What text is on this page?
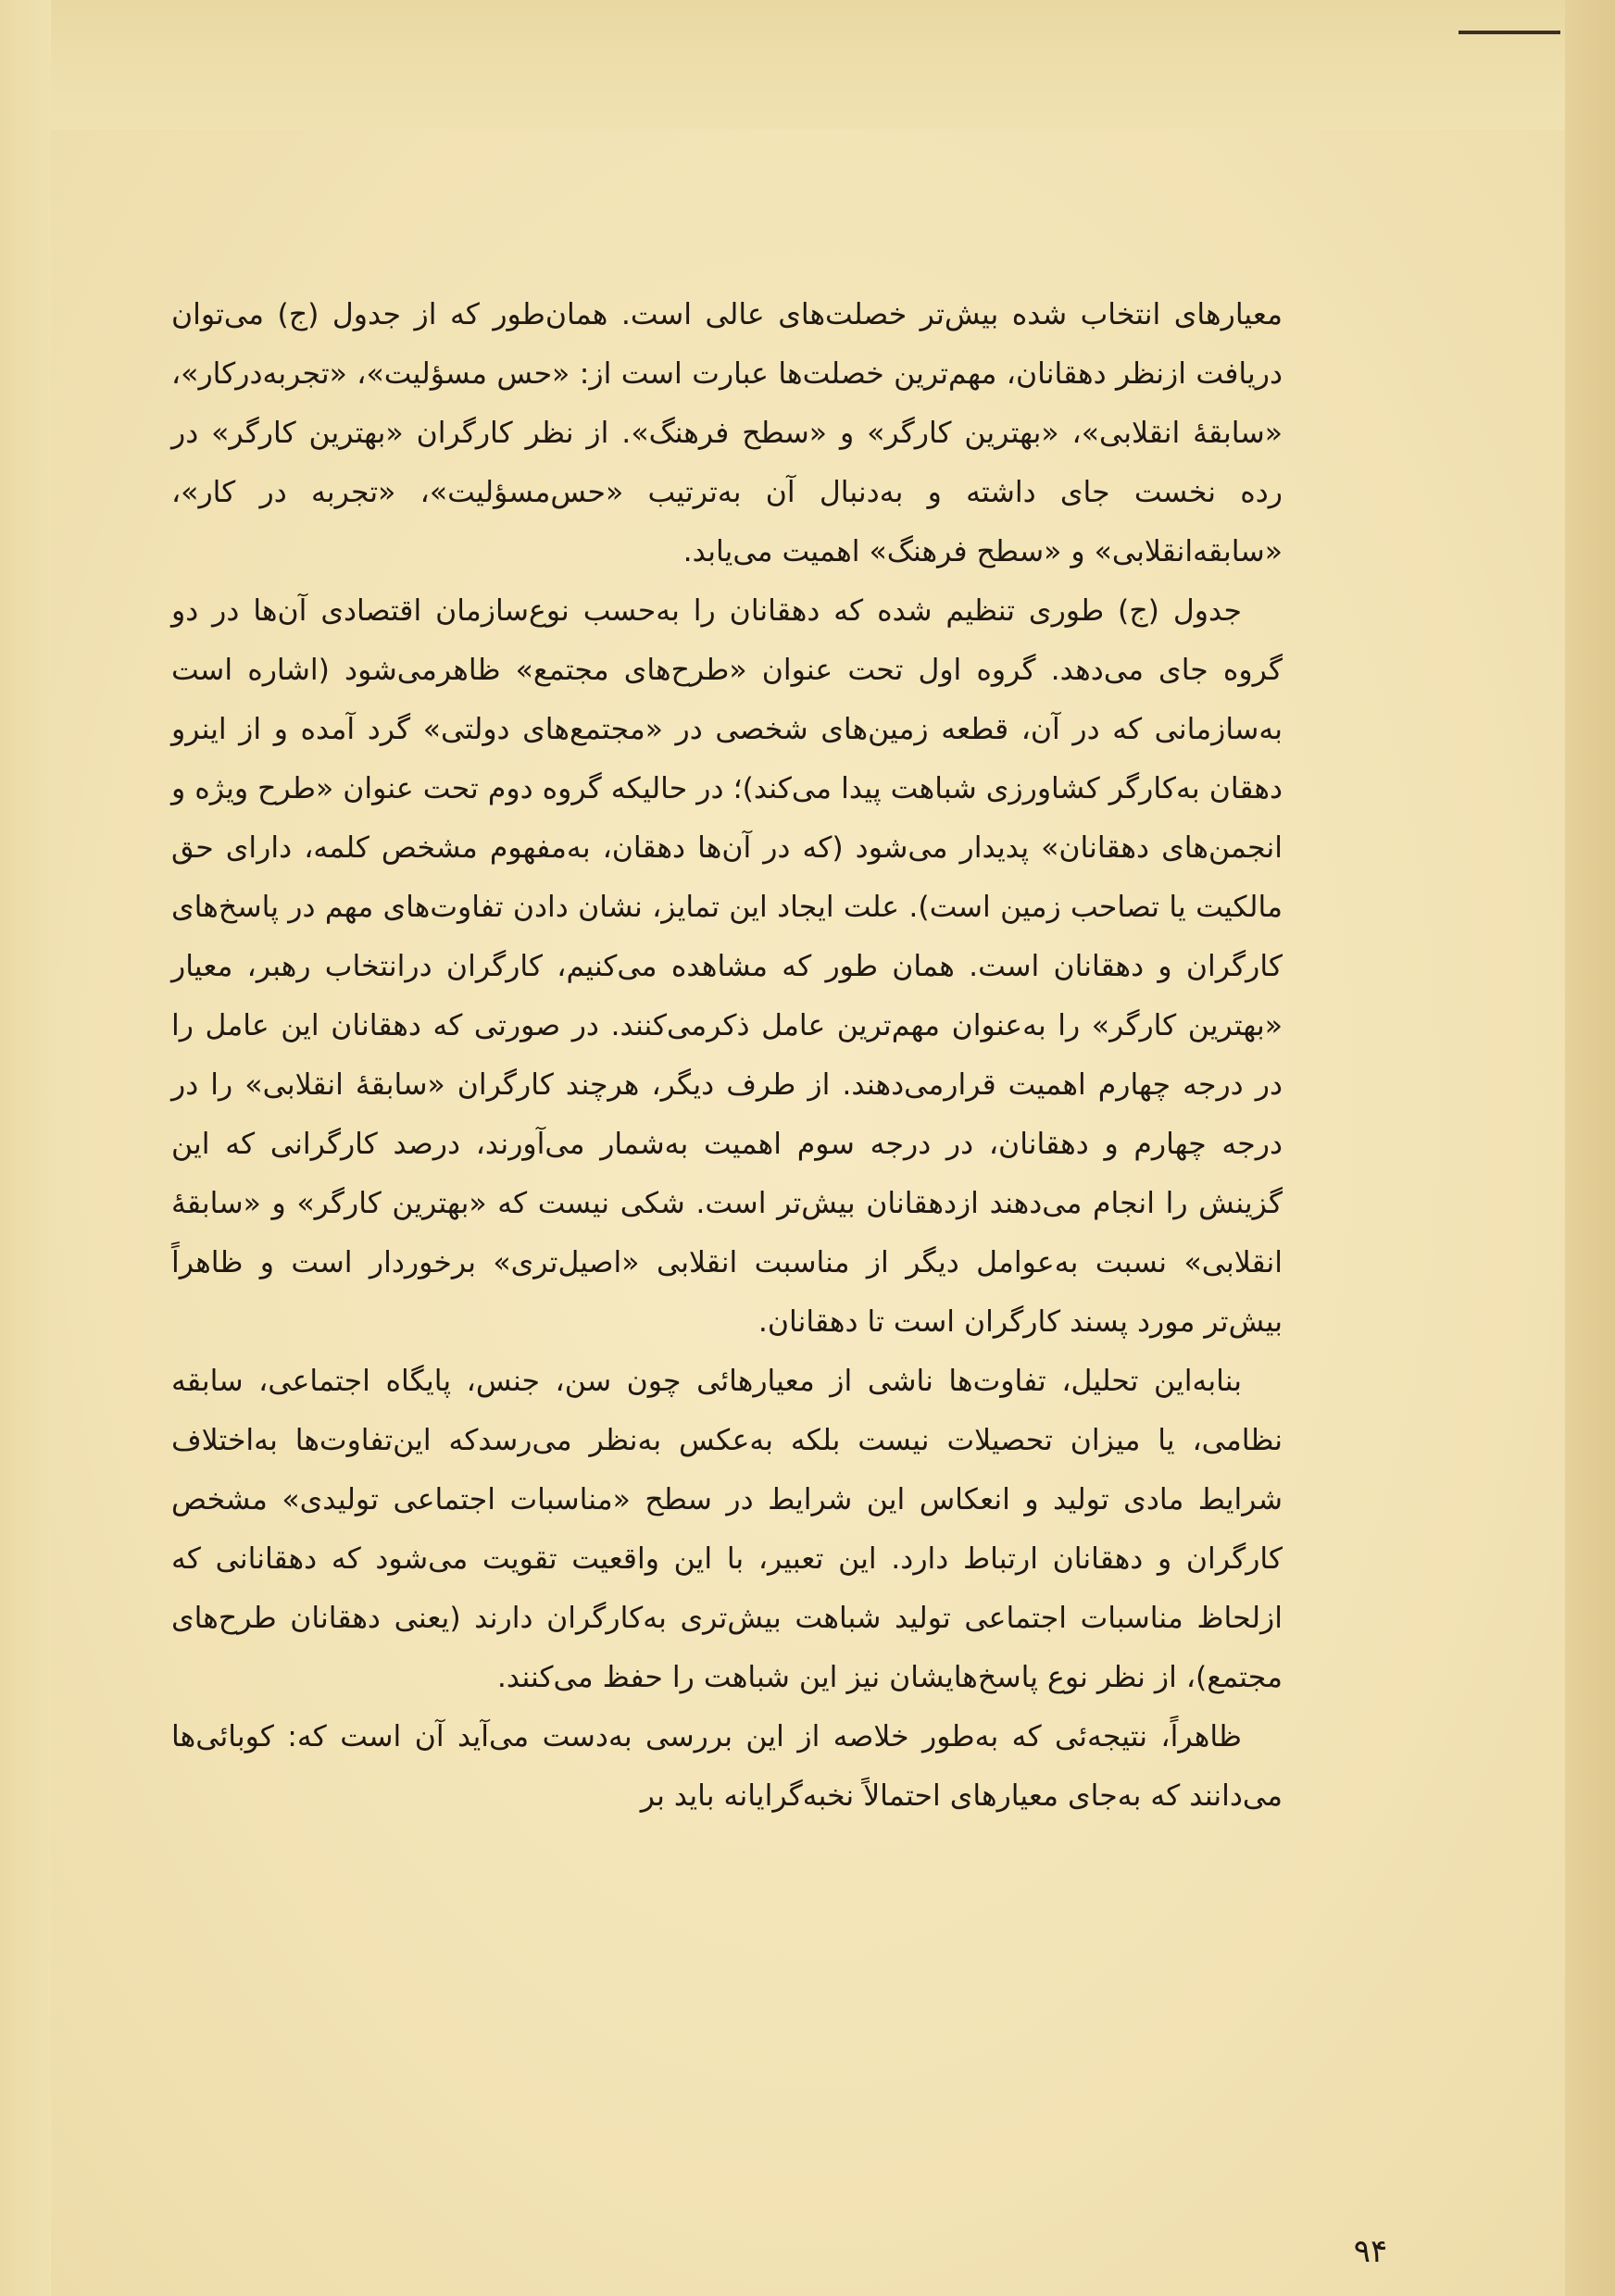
معیارهای انتخاب شده بیش‌تر خصلت‌های عالی است. همان‌طور که از جدول (ج) می‌توان دریافت ازنظر دهقانان، مهم‌ترین خصلت‌ها عبارت است از: «حس مسؤلیت»، «تجربه‌درکار»، «سابقهٔ انقلابی»، «بهترین کارگر» و «سطح فرهنگ». از نظر کارگران «بهترین کارگر» در رده نخست جای داشته و به‌دنبال آن به‌ترتیب «حس‌مسؤلیت»، «تجربه در کار»، «سابقه‌انقلابی» و «سطح فرهنگ» اهمیت می‌یابد.

جدول (ج) طوری تنظیم شده که دهقانان را به‌حسب نوع‌سازمان اقتصادی آن‌ها در دو گروه جای می‌دهد. گروه اول تحت عنوان «طرح‌های مجتمع» ظاهرمی‌شود (اشاره است به‌سازمانی که در آن، قطعه زمین‌های شخصی در «مجتمع‌های دولتی» گرد آمده و از اینرو دهقان به‌کارگر کشاورزی شباهت پیدا می‌کند)؛ در حالیکه گروه دوم تحت عنوان «طرح ویژه و انجمن‌های دهقانان» پدیدار می‌شود (که در آن‌ها دهقان، به‌مفهوم مشخص کلمه، دارای حق مالکیت یا تصاحب زمین است). علت ایجاد این تمایز، نشان دادن تفاوت‌های مهم در پاسخ‌های کارگران و دهقانان است. همان طور که مشاهده می‌کنیم، کارگران درانتخاب رهبر، معیار «بهترین کارگر» را به‌عنوان مهم‌ترین عامل ذکرمی‌کنند. در صورتی که دهقانان این عامل را در درجه چهارم اهمیت قرارمی‌دهند. از طرف دیگر، هرچند کارگران «سابقهٔ انقلابی» را در درجه چهارم و دهقانان، در درجه سوم اهمیت به‌شمار می‌آورند، درصد کارگرانی که این گزینش را انجام می‌دهند ازدهقانان بیش‌تر است. شکی نیست که «بهترین کارگر» و «سابقهٔ انقلابی» نسبت به‌عوامل دیگر از مناسبت انقلابی «اصیل‌تری» برخوردار است و ظاهراً بیش‌تر مورد پسند کارگران است تا دهقانان.

بنابه‌این تحلیل، تفاوت‌ها ناشی از معیارهائی چون سن، جنس، پایگاه اجتماعی، سابقه نظامی، یا میزان تحصیلات نیست بلکه به‌عکس به‌نظر می‌رسدکه این‌تفاوت‌ها به‌اختلاف شرایط مادی تولید و انعکاس این شرایط در سطح «مناسبات اجتماعی تولیدی» مشخص کارگران و دهقانان ارتباط دارد. این تعبیر، با این واقعیت تقویت می‌شود که دهقانانی که ازلحاظ مناسبات اجتماعی تولید شباهت بیش‌تری به‌کارگران دارند (یعنی دهقانان طرح‌های مجتمع)، از نظر نوع پاسخ‌هایشان نیز این شباهت را حفظ می‌کنند.

ظاهراً، نتیجه‌ئی که به‌طور خلاصه از این بررسی به‌دست می‌آید آن است که: کوبائی‌ها می‌دانند که به‌جای معیارهای احتمالاً نخبه‌گرایانه باید بر

۹۴
